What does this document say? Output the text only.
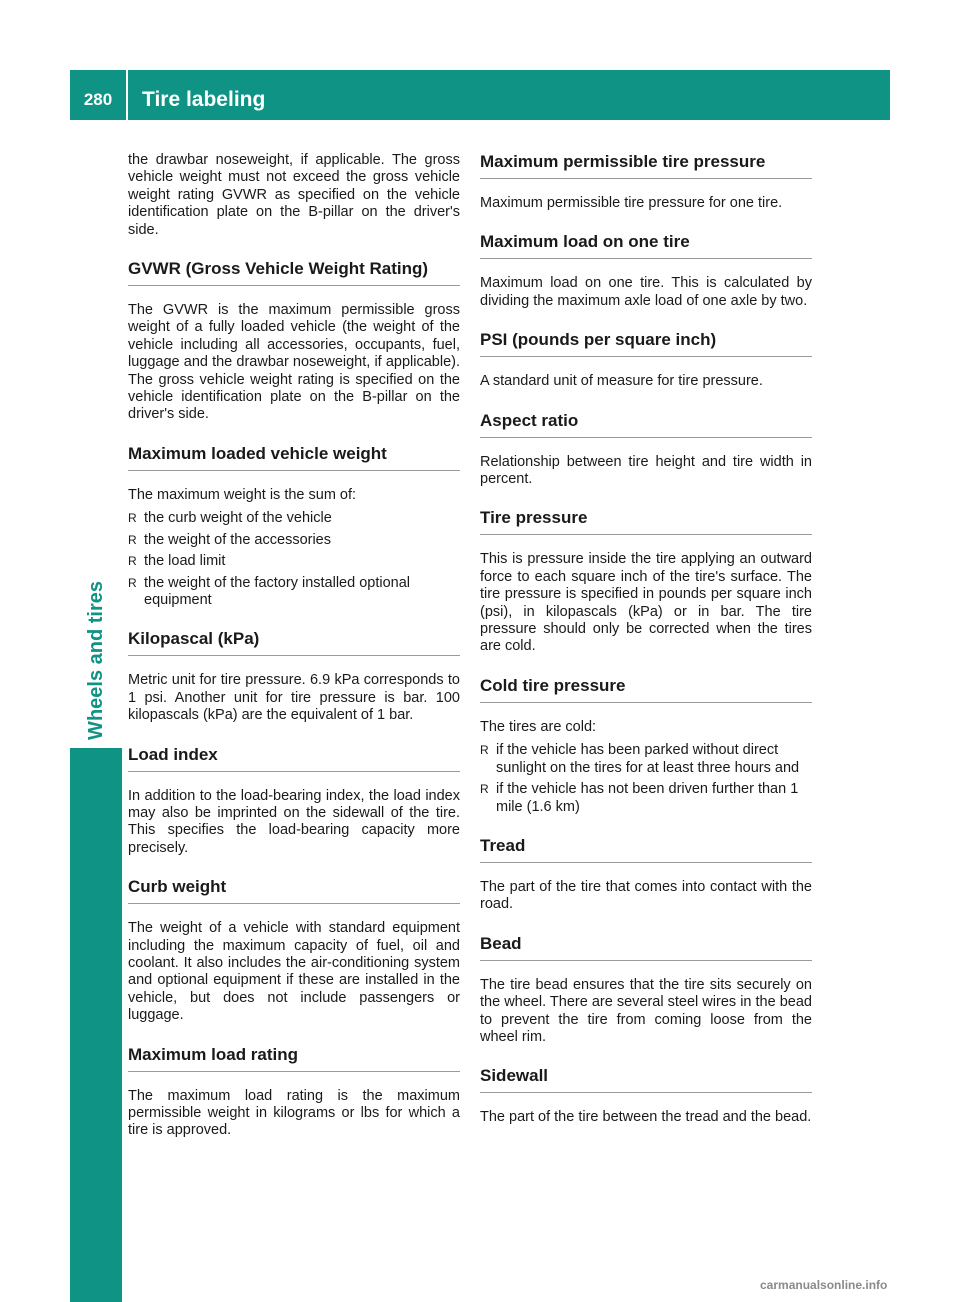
280	Tire labeling
Wheels and tires

the drawbar noseweight, if applicable. The gross vehicle weight must not exceed the gross vehicle weight rating GVWR as specified on the vehicle identification plate on the B-pillar on the driver's side.

GVWR (Gross Vehicle Weight Rating)

The GVWR is the maximum permissible gross weight of a fully loaded vehicle (the weight of the vehicle including all accessories, occupants, fuel, luggage and the drawbar noseweight, if applicable). The gross vehicle weight rating is specified on the vehicle identification plate on the B-pillar on the driver's side.

Maximum loaded vehicle weight

The maximum weight is the sum of:

R the curb weight of the vehicle
R the weight of the accessories
R the load limit
R the weight of the factory installed optional equipment
Kilopascal (kPa)

Metric unit for tire pressure. 6.9 kPa corresponds to 1 psi. Another unit for tire pressure is bar. 100 kilopascals (kPa) are the equivalent of 1 bar.

Load index

In addition to the load-bearing index, the load index may also be imprinted on the sidewall of the tire. This specifies the load-bearing capacity more precisely.

Curb weight

The weight of a vehicle with standard equipment including the maximum capacity of fuel, oil and coolant. It also includes the air-conditioning system and optional equipment if these are installed in the vehicle, but does not include passengers or luggage.

Maximum load rating

The maximum load rating is the maximum permissible weight in kilograms or lbs for which a tire is approved.

Maximum permissible tire pressure

Maximum permissible tire pressure for one tire.

Maximum load on one tire

Maximum load on one tire. This is calculated by dividing the maximum axle load of one axle by two.

PSI (pounds per square inch)

A standard unit of measure for tire pressure.

Aspect ratio

Relationship between tire height and tire width in percent.

Tire pressure

This is pressure inside the tire applying an outward force to each square inch of the tire's surface. The tire pressure is specified in pounds per square inch (psi), in kilopascals (kPa) or in bar. The tire pressure should only be corrected when the tires are cold.

Cold tire pressure

The tires are cold:

R if the vehicle has been parked without direct sunlight on the tires for at least three hours and
R if the vehicle has not been driven further than 1 mile (1.6 km)
Tread

The part of the tire that comes into contact with the road.

Bead

The tire bead ensures that the tire sits securely on the wheel. There are several steel wires in the bead to prevent the tire from coming loose from the wheel rim.

Sidewall

The part of the tire between the tread and the bead.

carmanualsonline.info
